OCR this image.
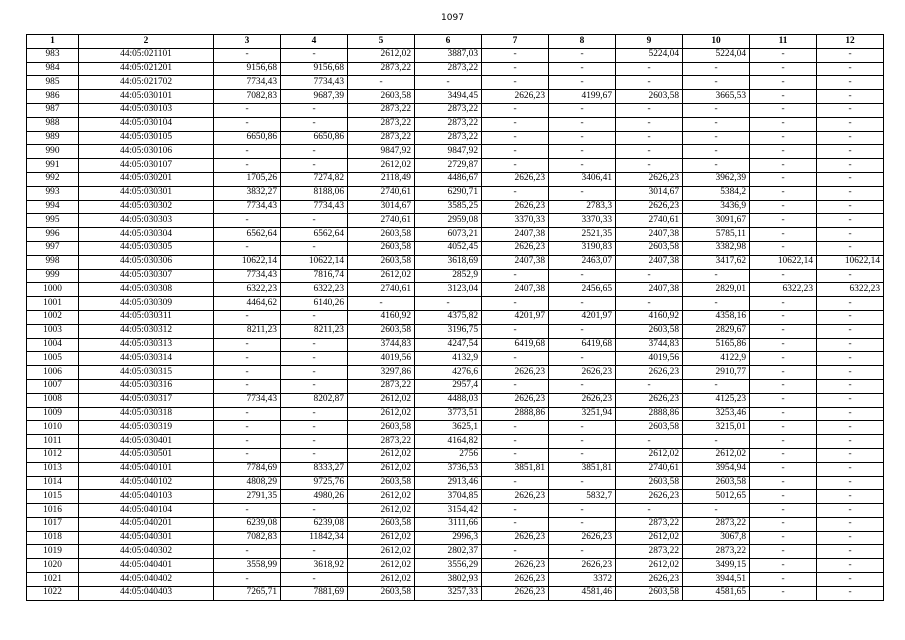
1097
1	2	3	4	5	6	7	8	9	10	11	12
983	44:05:021101	-	-	2612,02	3887,03	-	-	5224,04	5224,04	-	-
984	44:05:021201	9156,68	9156,68	2873,22	2873,22	-	-	-	-	-	-
985	44:05:021702	7734,43	7734,43	-	-	-	-	-	-	-	-
986	44:05:030101	7082,83	9687,39	2603,58	3494,45	2626,23	4199,67	2603,58	3665,53	-	-
987	44:05:030103	-	-	2873,22	2873,22	-	-	-	-	-	-
988	44:05:030104	-	-	2873,22	2873,22	-	-	-	-	-	-
989	44:05:030105	6650,86	6650,86	2873,22	2873,22	-	-	-	-	-	-
990	44:05:030106	-	-	9847,92	9847,92	-	-	-	-	-	-
991	44:05:030107	-	-	2612,02	2729,87	-	-	-	-	-	-
992	44:05:030201	1705,26	7274,82	2118,49	4486,67	2626,23	3406,41	2626,23	3962,39	-	-
993	44:05:030301	3832,27	8188,06	2740,61	6290,71	-	-	3014,67	5384,2	-	-
994	44:05:030302	7734,43	7734,43	3014,67	3585,25	2626,23	2783,3	2626,23	3436,9	-	-
995	44:05:030303	-	-	2740,61	2959,08	3370,33	3370,33	2740,61	3091,67	-	-
996	44:05:030304	6562,64	6562,64	2603,58	6073,21	2407,38	2521,35	2407,38	5785,11	-	-
997	44:05:030305	-	-	2603,58	4052,45	2626,23	3190,83	2603,58	3382,98	-	-
998	44:05:030306	10622,14	10622,14	2603,58	3618,69	2407,38	2463,07	2407,38	3417,62	10622,14	10622,14
999	44:05:030307	7734,43	7816,74	2612,02	2852,9	-	-	-	-	-	-
1000	44:05:030308	6322,23	6322,23	2740,61	3123,04	2407,38	2456,65	2407,38	2829,01	6322,23	6322,23
1001	44:05:030309	4464,62	6140,26	-	-	-	-	-	-	-	-
1002	44:05:030311	-	-	4160,92	4375,82	4201,97	4201,97	4160,92	4358,16	-	-
1003	44:05:030312	8211,23	8211,23	2603,58	3196,75	-	-	2603,58	2829,67	-	-
1004	44:05:030313	-	-	3744,83	4247,54	6419,68	6419,68	3744,83	5165,86	-	-
1005	44:05:030314	-	-	4019,56	4132,9	-	-	4019,56	4122,9	-	-
1006	44:05:030315	-	-	3297,86	4276,6	2626,23	2626,23	2626,23	2910,77	-	-
1007	44:05:030316	-	-	2873,22	2957,4	-	-	-	-	-	-
1008	44:05:030317	7734,43	8202,87	2612,02	4488,03	2626,23	2626,23	2626,23	4125,23	-	-
1009	44:05:030318	-	-	2612,02	3773,51	2888,86	3251,94	2888,86	3253,46	-	-
1010	44:05:030319	-	-	2603,58	3625,1	-	-	2603,58	3215,01	-	-
1011	44:05:030401	-	-	2873,22	4164,82	-	-	-	-	-	-
1012	44:05:030501	-	-	2612,02	2756	-	-	2612,02	2612,02	-	-
1013	44:05:040101	7784,69	8333,27	2612,02	3736,53	3851,81	3851,81	2740,61	3954,94	-	-
1014	44:05:040102	4808,29	9725,76	2603,58	2913,46	-	-	2603,58	2603,58	-	-
1015	44:05:040103	2791,35	4980,26	2612,02	3704,85	2626,23	5832,7	2626,23	5012,65	-	-
1016	44:05:040104	-	-	2612,02	3154,42	-	-	-	-	-	-
1017	44:05:040201	6239,08	6239,08	2603,58	3111,66	-	-	2873,22	2873,22	-	-
1018	44:05:040301	7082,83	11842,34	2612,02	2996,3	2626,23	2626,23	2612,02	3067,8	-	-
1019	44:05:040302	-	-	2612,02	2802,37	-	-	2873,22	2873,22	-	-
1020	44:05:040401	3558,99	3618,92	2612,02	3556,29	2626,23	2626,23	2612,02	3499,15	-	-
1021	44:05:040402	-	-	2612,02	3802,93	2626,23	3372	2626,23	3944,51	-	-
1022	44:05:040403	7265,71	7881,69	2603,58	3257,33	2626,23	4581,46	2603,58	4581,65	-	-
